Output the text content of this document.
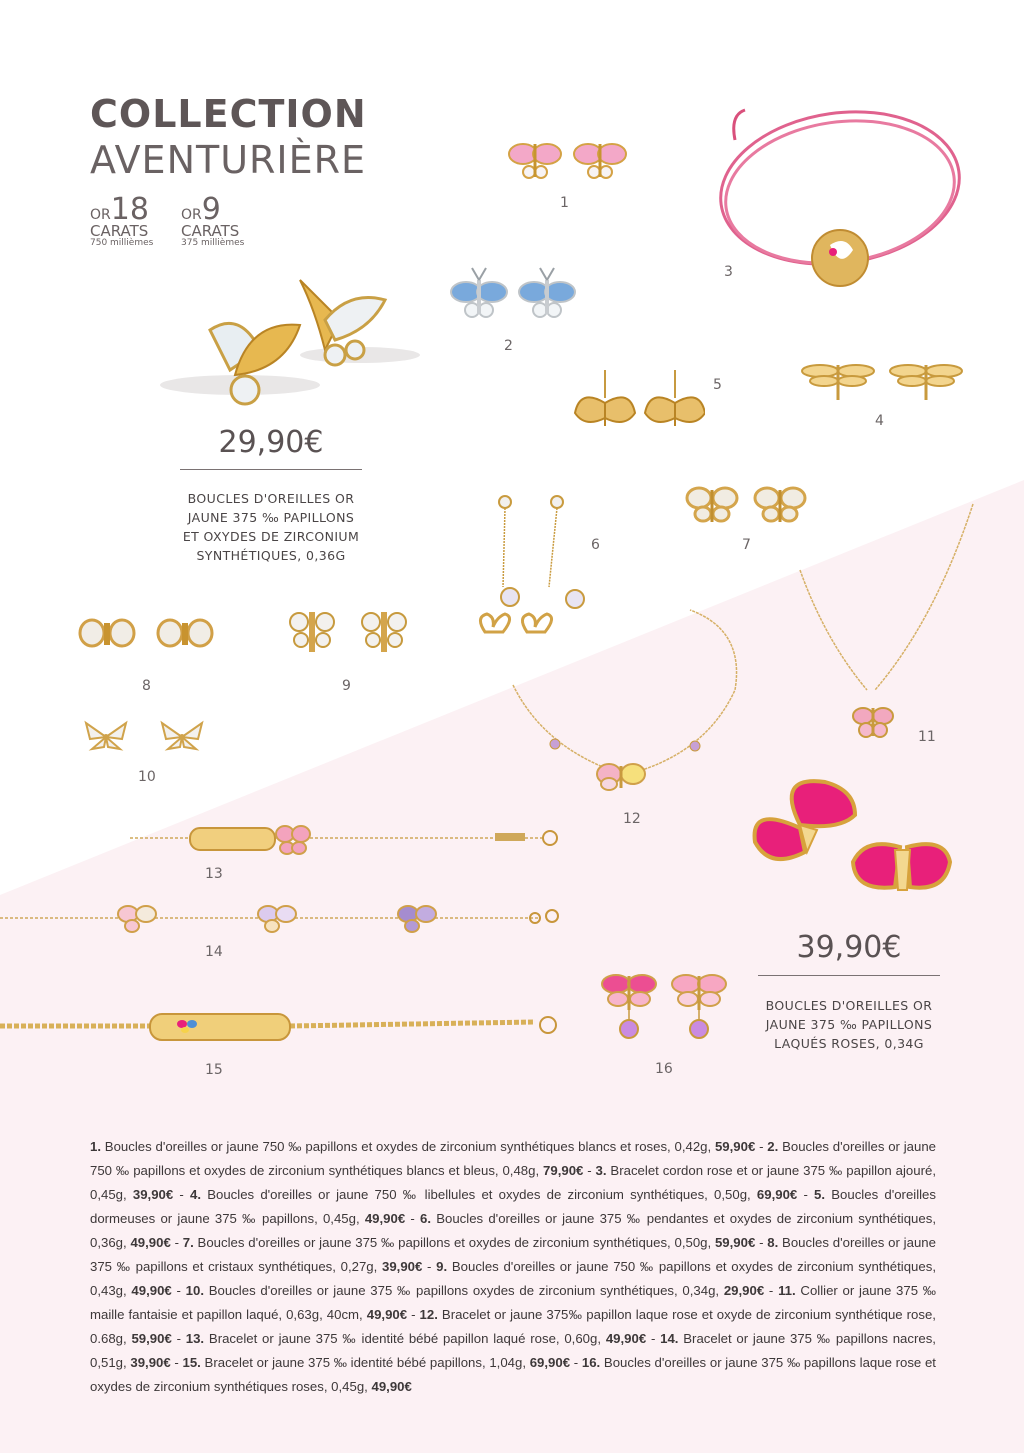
COLLECTION
AVENTURIÈRE
OR18
CARATS
750 millièmes
OR9
CARATS
375 millièmes
29,90€
BOUCLES D'OREILLES OR
JAUNE 375 ‰ PAPILLONS
ET OXYDES DE ZIRCONIUM
SYNTHÉTIQUES, 0,36G
1
2
3
5
4
7
6
8	9
10
11
12
39,90€
BOUCLES D'OREILLES OR
JAUNE 375 ‰ PAPILLONS
LAQUÉS ROSES, 0,34G
13
14
15	16
1. Boucles d'oreilles or jaune 750 ‰ papillons et oxydes de zirconium synthétiques blancs et roses, 0,42g, 59,90€ - 2. Boucles d'oreilles or jaune 750 ‰ papillons et oxydes de zirconium synthétiques blancs et bleus, 0,48g, 79,90€ - 3. Bracelet cordon rose et or jaune 375 ‰ papillon ajouré, 0,45g, 39,90€ - 4. Boucles d'oreilles or jaune 750 ‰ libellules et oxydes de zirconium synthétiques, 0,50g, 69,90€ - 5. Boucles d'oreilles dormeuses or jaune 375 ‰ papillons, 0,45g, 49,90€ - 6. Boucles d'oreilles or jaune 375 ‰ pendantes et oxydes de zirconium synthétiques, 0,36g, 49,90€ - 7. Boucles d'oreilles or jaune 375 ‰ papillons et oxydes de zirconium synthétiques, 0,50g, 59,90€ - 8. Boucles d'oreilles or jaune 375 ‰ papillons et cristaux synthétiques, 0,27g, 39,90€ - 9. Boucles d'oreilles or jaune 750 ‰ papillons et oxydes de zirconium synthétiques, 0,43g, 49,90€ - 10. Boucles d'oreilles or jaune 375 ‰ papillons oxydes de zirconium synthétiques, 0,34g, 29,90€ - 11. Collier or jaune 375 ‰ maille fantaisie et papillon laqué, 0,63g, 40cm, 49,90€ - 12. Bracelet or jaune 375‰ papillon laque rose et oxyde de zirconium synthétique rose, 0.68g, 59,90€ - 13. Bracelet or jaune 375 ‰ identité bébé papillon laqué rose, 0,60g, 49,90€ - 14. Bracelet or jaune 375 ‰ papillons nacres, 0,51g, 39,90€ - 15. Bracelet or jaune 375 ‰ identité bébé papillons, 1,04g, 69,90€ - 16. Boucles d'oreilles or jaune 375 ‰ papillons laque rose et oxydes de zirconium synthétiques roses, 0,45g, 49,90€
